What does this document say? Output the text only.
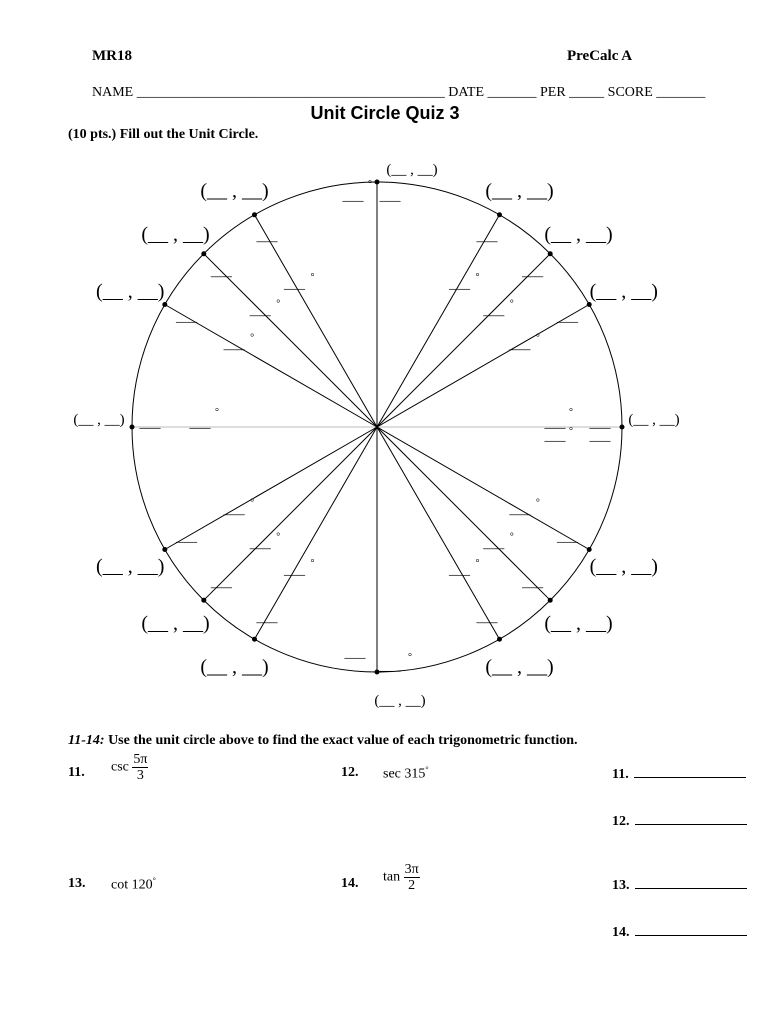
MR18	PreCalc A
NAME ____________________________________________ DATE _______ PER _____ SCORE _______
Unit Circle Quiz 3
(10 pts.) Fill out the Unit Circle.
(__ , __)
___
___ °
(__ , __)
___
___ °
(__ , __)
___
___ °
(__ , __)
___
___ °
(__ , __)
___
___ °
(__ , __)
___
___ °
(__ , __)
___
___ °
(__ , __)
___
___ °
(__ , __)
___
___ °
(__ , __)
___
___ °
(__ , __)
___
___ °
(__ , __)
___
___ °
(__ , __)
(__ , __)
(__ , __)	(__ , __)
___ ___
°
___
___
°
___ ___
°
___ ___
°
___ ___
°
11-14: Use the unit circle above to find the exact value of each trigonometric function.
11. $\csc \frac{5\pi}{3}$	12. sec 315°
13. cot 120°	14. $\tan \frac{3\pi}{2}$
11.
12.
13.
14.
